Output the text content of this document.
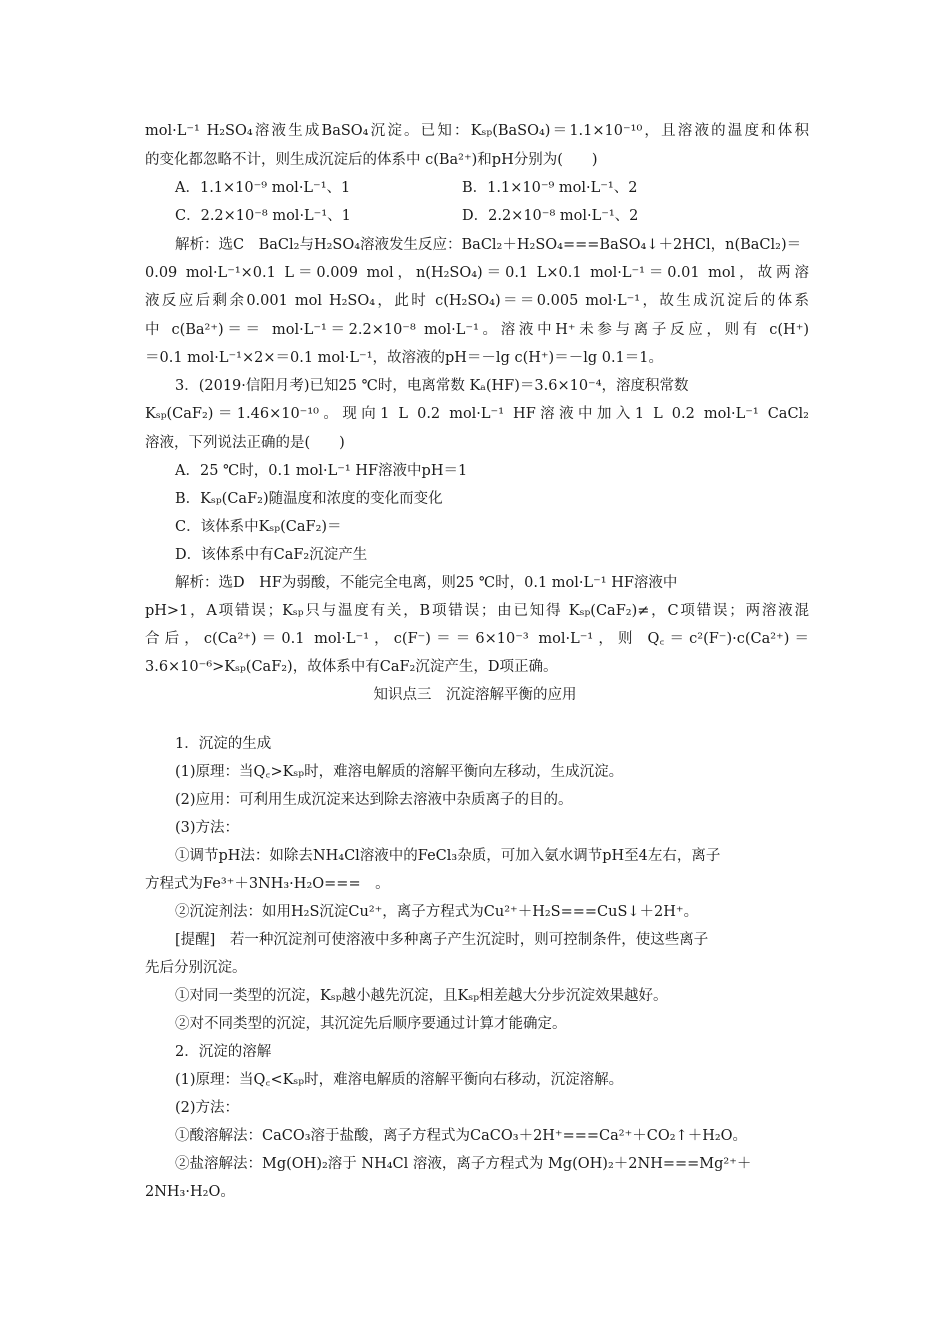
mol·L⁻¹ H₂SO₄溶液生成BaSO₄沉淀。已知：Kₛₚ(BaSO₄)＝1.1×10⁻¹⁰，且溶液的温度和体积

的变化都忽略不计，则生成沉淀后的体系中 c(Ba²⁺)和pH分别为(　　)

A．1.1×10⁻⁹ mol·L⁻¹、1	B．1.1×10⁻⁹ mol·L⁻¹、2

C．2.2×10⁻⁸ mol·L⁻¹、1	D．2.2×10⁻⁸ mol·L⁻¹、2

解析：选C　BaCl₂与H₂SO₄溶液发生反应：BaCl₂＋H₂SO₄===BaSO₄↓＋2HCl，n(BaCl₂)＝

0.09 mol·L⁻¹×0.1 L＝0.009 mol，n(H₂SO₄)＝0.1 L×0.1 mol·L⁻¹＝0.01 mol，故两溶

液反应后剩余0.001 mol H₂SO₄，此时 c(H₂SO₄)＝＝0.005 mol·L⁻¹，故生成沉淀后的体系

中 c(Ba²⁺)＝＝ mol·L⁻¹＝2.2×10⁻⁸ mol·L⁻¹。溶液中H⁺未参与离子反应，则有 c(H⁺)

＝0.1 mol·L⁻¹×2×＝0.1 mol·L⁻¹，故溶液的pH＝－lg c(H⁺)＝－lg 0.1＝1。

3．(2019·信阳月考)已知25 ℃时，电离常数 Kₐ(HF)＝3.6×10⁻⁴，溶度积常数

Kₛₚ(CaF₂)＝1.46×10⁻¹⁰。现向1 L 0.2 mol·L⁻¹ HF溶液中加入1 L 0.2 mol·L⁻¹ CaCl₂

溶液，下列说法正确的是(　　)

A．25 ℃时，0.1 mol·L⁻¹ HF溶液中pH＝1

B．Kₛₚ(CaF₂)随温度和浓度的变化而变化

C．该体系中Kₛₚ(CaF₂)＝

D．该体系中有CaF₂沉淀产生

解析：选D　HF为弱酸，不能完全电离，则25 ℃时，0.1 mol·L⁻¹ HF溶液中

pH>1，A项错误；Kₛₚ只与温度有关，B项错误；由已知得 Kₛₚ(CaF₂)≠，C项错误；两溶液混

合后，c(Ca²⁺)＝0.1 mol·L⁻¹，c(F⁻)＝＝6×10⁻³ mol·L⁻¹，则 Q꜀＝c²(F⁻)·c(Ca²⁺)＝

3.6×10⁻⁶>Kₛₚ(CaF₂)，故体系中有CaF₂沉淀产生，D项正确。

知识点三　沉淀溶解平衡的应用

1．沉淀的生成

(1)原理：当Q꜀>Kₛₚ时，难溶电解质的溶解平衡向左移动，生成沉淀。

(2)应用：可利用生成沉淀来达到除去溶液中杂质离子的目的。

(3)方法：

①调节pH法：如除去NH₄Cl溶液中的FeCl₃杂质，可加入氨水调节pH至4左右，离子

方程式为Fe³⁺＋3NH₃·H₂O===　。

②沉淀剂法：如用H₂S沉淀Cu²⁺，离子方程式为Cu²⁺＋H₂S===CuS↓＋2H⁺。

[提醒]　若一种沉淀剂可使溶液中多种离子产生沉淀时，则可控制条件，使这些离子

先后分别沉淀。

①对同一类型的沉淀，Kₛₚ越小越先沉淀，且Kₛₚ相差越大分步沉淀效果越好。

②对不同类型的沉淀，其沉淀先后顺序要通过计算才能确定。

2．沉淀的溶解

(1)原理：当Q꜀<Kₛₚ时，难溶电解质的溶解平衡向右移动，沉淀溶解。

(2)方法：

①酸溶解法：CaCO₃溶于盐酸，离子方程式为CaCO₃＋2H⁺===Ca²⁺＋CO₂↑＋H₂O。

②盐溶解法：Mg(OH)₂溶于 NH₄Cl 溶液，离子方程式为 Mg(OH)₂＋2NH===Mg²⁺＋

2NH₃·H₂O。
